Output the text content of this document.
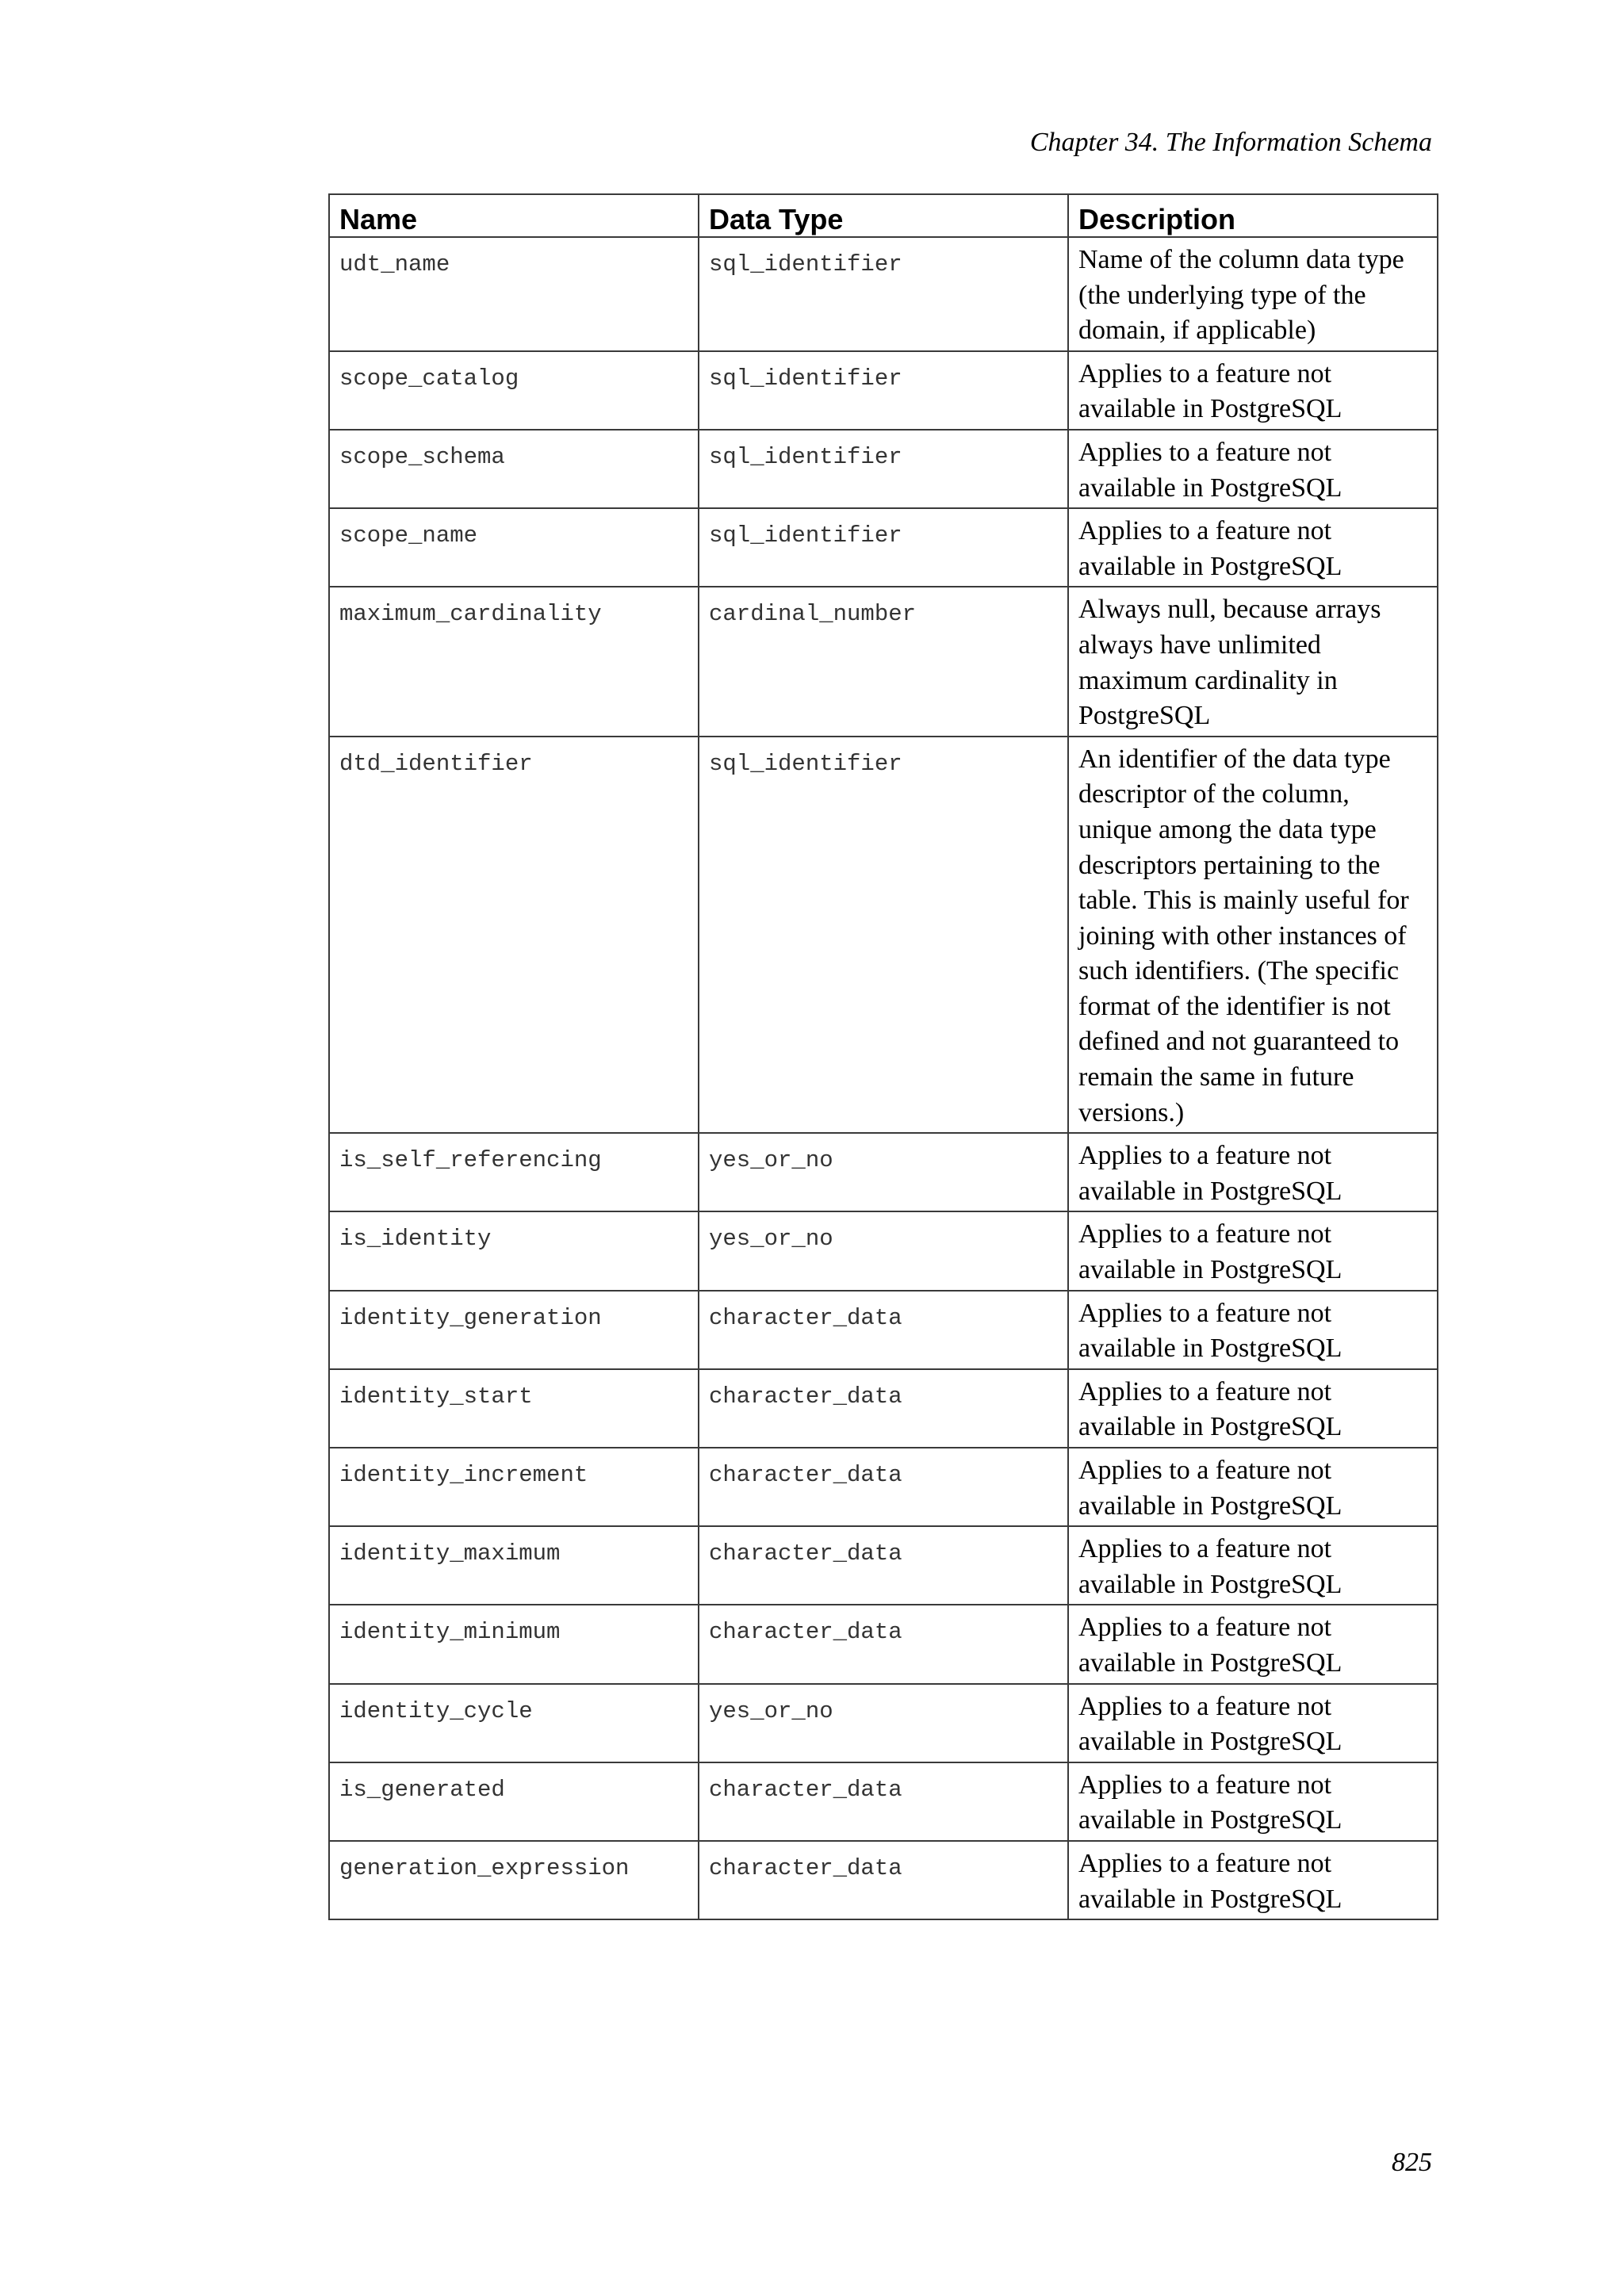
Chapter 34. The Information Schema
Name	Data Type	Description
udt_name	sql_identifier	Name of the column data type (the underlying type of the domain, if applicable)
scope_catalog	sql_identifier	Applies to a feature not available in PostgreSQL
scope_schema	sql_identifier	Applies to a feature not available in PostgreSQL
scope_name	sql_identifier	Applies to a feature not available in PostgreSQL
maximum_cardinality	cardinal_number	Always null, because arrays always have unlimited maximum cardinality in PostgreSQL
dtd_identifier	sql_identifier	An identifier of the data type descriptor of the column, unique among the data type descriptors pertaining to the table. This is mainly useful for joining with other instances of such identifiers. (The specific format of the identifier is not defined and not guaranteed to remain the same in future versions.)
is_self_referencing	yes_or_no	Applies to a feature not available in PostgreSQL
is_identity	yes_or_no	Applies to a feature not available in PostgreSQL
identity_generation	character_data	Applies to a feature not available in PostgreSQL
identity_start	character_data	Applies to a feature not available in PostgreSQL
identity_increment	character_data	Applies to a feature not available in PostgreSQL
identity_maximum	character_data	Applies to a feature not available in PostgreSQL
identity_minimum	character_data	Applies to a feature not available in PostgreSQL
identity_cycle	yes_or_no	Applies to a feature not available in PostgreSQL
is_generated	character_data	Applies to a feature not available in PostgreSQL
generation_expression	character_data	Applies to a feature not available in PostgreSQL
825
